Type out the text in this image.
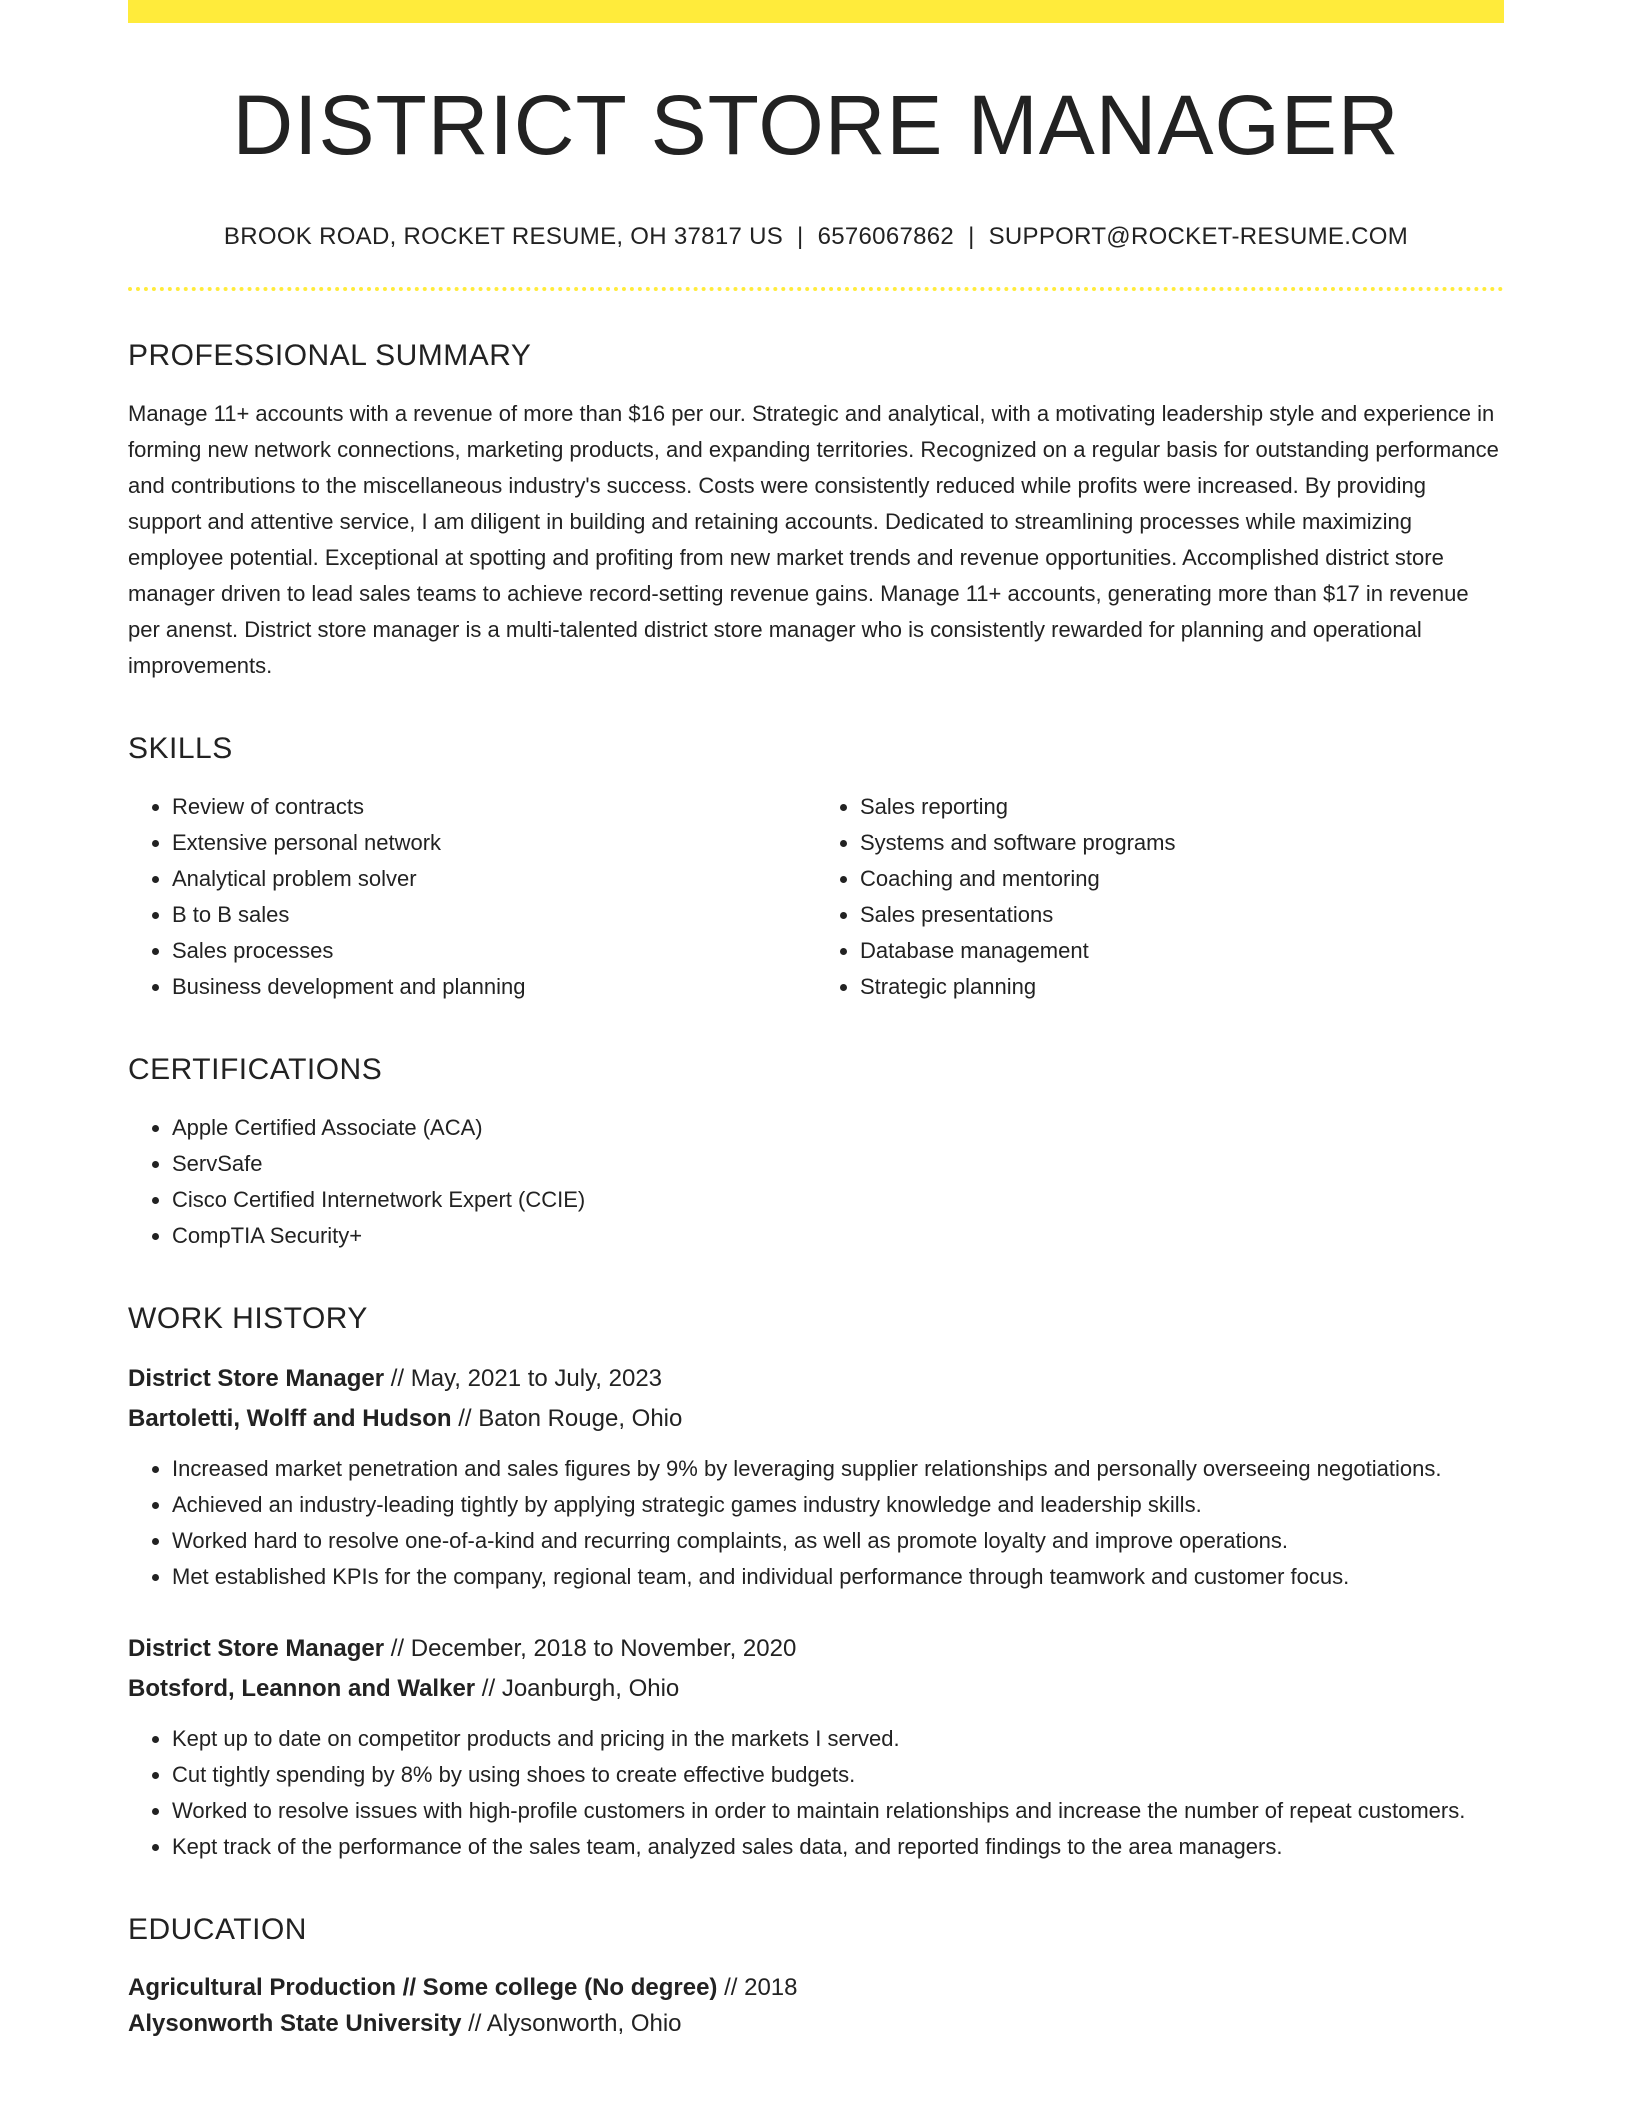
DISTRICT STORE MANAGER
BROOK ROAD, ROCKET RESUME, OH 37817 US | 6576067862 | SUPPORT@ROCKET-RESUME.COM
PROFESSIONAL SUMMARY

Manage 11+ accounts with a revenue of more than $16 per our. Strategic and analytical, with a motivating leadership style and experience in forming new network connections, marketing products, and expanding territories. Recognized on a regular basis for outstanding performance and contributions to the miscellaneous industry's success. Costs were consistently reduced while profits were increased. By providing support and attentive service, I am diligent in building and retaining accounts. Dedicated to streamlining processes while maximizing employee potential. Exceptional at spotting and profiting from new market trends and revenue opportunities. Accomplished district store manager driven to lead sales teams to achieve record-setting revenue gains. Manage 11+ accounts, generating more than $17 in revenue per anenst. District store manager is a multi-talented district store manager who is consistently rewarded for planning and operational improvements.

SKILLS
• Review of contracts
• Extensive personal network
• Analytical problem solver
• B to B sales
• Sales processes
• Business development and planning
• Sales reporting
• Systems and software programs
• Coaching and mentoring
• Sales presentations
• Database management
• Strategic planning
CERTIFICATIONS
• Apple Certified Associate (ACA)
• ServSafe
• Cisco Certified Internetwork Expert (CCIE)
• CompTIA Security+
WORK HISTORY
District Store Manager // May, 2021 to July, 2023
Bartoletti, Wolff and Hudson // Baton Rouge, Ohio
• Increased market penetration and sales figures by 9% by leveraging supplier relationships and personally overseeing negotiations.
• Achieved an industry-leading tightly by applying strategic games industry knowledge and leadership skills.
• Worked hard to resolve one-of-a-kind and recurring complaints, as well as promote loyalty and improve operations.
• Met established KPIs for the company, regional team, and individual performance through teamwork and customer focus.
District Store Manager // December, 2018 to November, 2020
Botsford, Leannon and Walker // Joanburgh, Ohio
• Kept up to date on competitor products and pricing in the markets I served.
• Cut tightly spending by 8% by using shoes to create effective budgets.
• Worked to resolve issues with high-profile customers in order to maintain relationships and increase the number of repeat customers.
• Kept track of the performance of the sales team, analyzed sales data, and reported findings to the area managers.
EDUCATION
Agricultural Production // Some college (No degree) // 2018
Alysonworth State University // Alysonworth, Ohio
